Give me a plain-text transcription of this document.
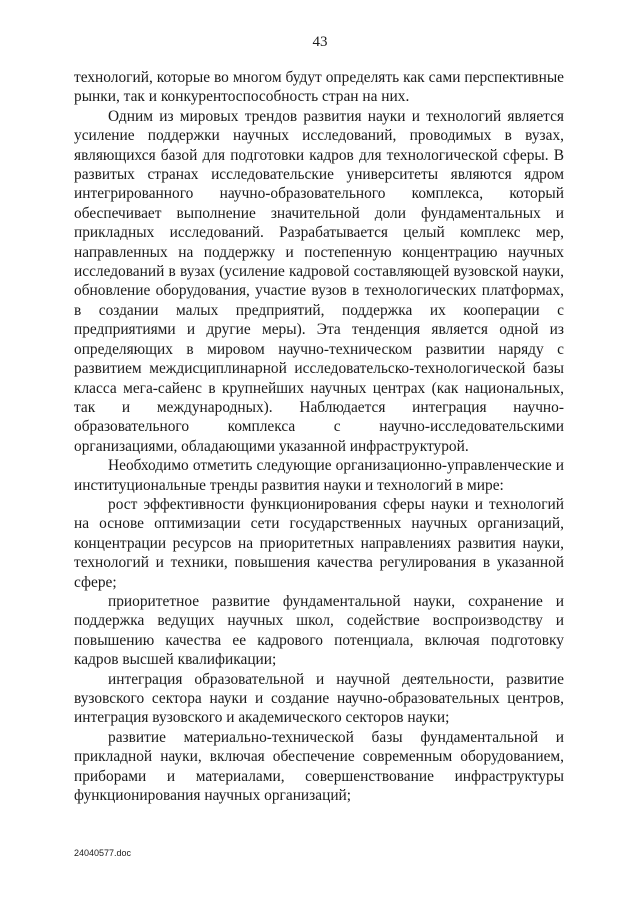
43

технологий, которые во многом будут определять как сами перспективные рынки, так и конкурентоспособность стран на них.

Одним из мировых трендов развития науки и технологий является усиление поддержки научных исследований, проводимых в вузах, являющихся базой для подготовки кадров для технологической сферы. В развитых странах исследовательские университеты являются ядром интегрированного научно-образовательного комплекса, который обеспечивает выполнение значительной доли фундаментальных и прикладных исследований. Разрабатывается целый комплекс мер, направленных на поддержку и постепенную концентрацию научных исследований в вузах (усиление кадровой составляющей вузовской науки, обновление оборудования, участие вузов в технологических платформах, в создании малых предприятий, поддержка их кооперации с предприятиями и другие меры). Эта тенденция является одной из определяющих в мировом научно-техническом развитии наряду с развитием междисциплинарной исследовательско-технологической базы класса мега-сайенс в крупнейших научных центрах (как национальных, так и международных). Наблюдается интеграция научно-образовательного комплекса с научно-исследовательскими организациями, обладающими указанной инфраструктурой.

Необходимо отметить следующие организационно-управленческие и институциональные тренды развития науки и технологий в мире:

рост эффективности функционирования сферы науки и технологий на основе оптимизации сети государственных научных организаций, концентрации ресурсов на приоритетных направлениях развития науки, технологий и техники, повышения качества регулирования в указанной сфере;

приоритетное развитие фундаментальной науки, сохранение и поддержка ведущих научных школ, содействие воспроизводству и повышению качества ее кадрового потенциала, включая подготовку кадров высшей квалификации;

интеграция образовательной и научной деятельности, развитие вузовского сектора науки и создание научно-образовательных центров, интеграция вузовского и академического секторов науки;

развитие материально-технической базы фундаментальной и прикладной науки, включая обеспечение современным оборудованием, приборами и материалами, совершенствование инфраструктуры функционирования научных организаций;

24040577.doc
